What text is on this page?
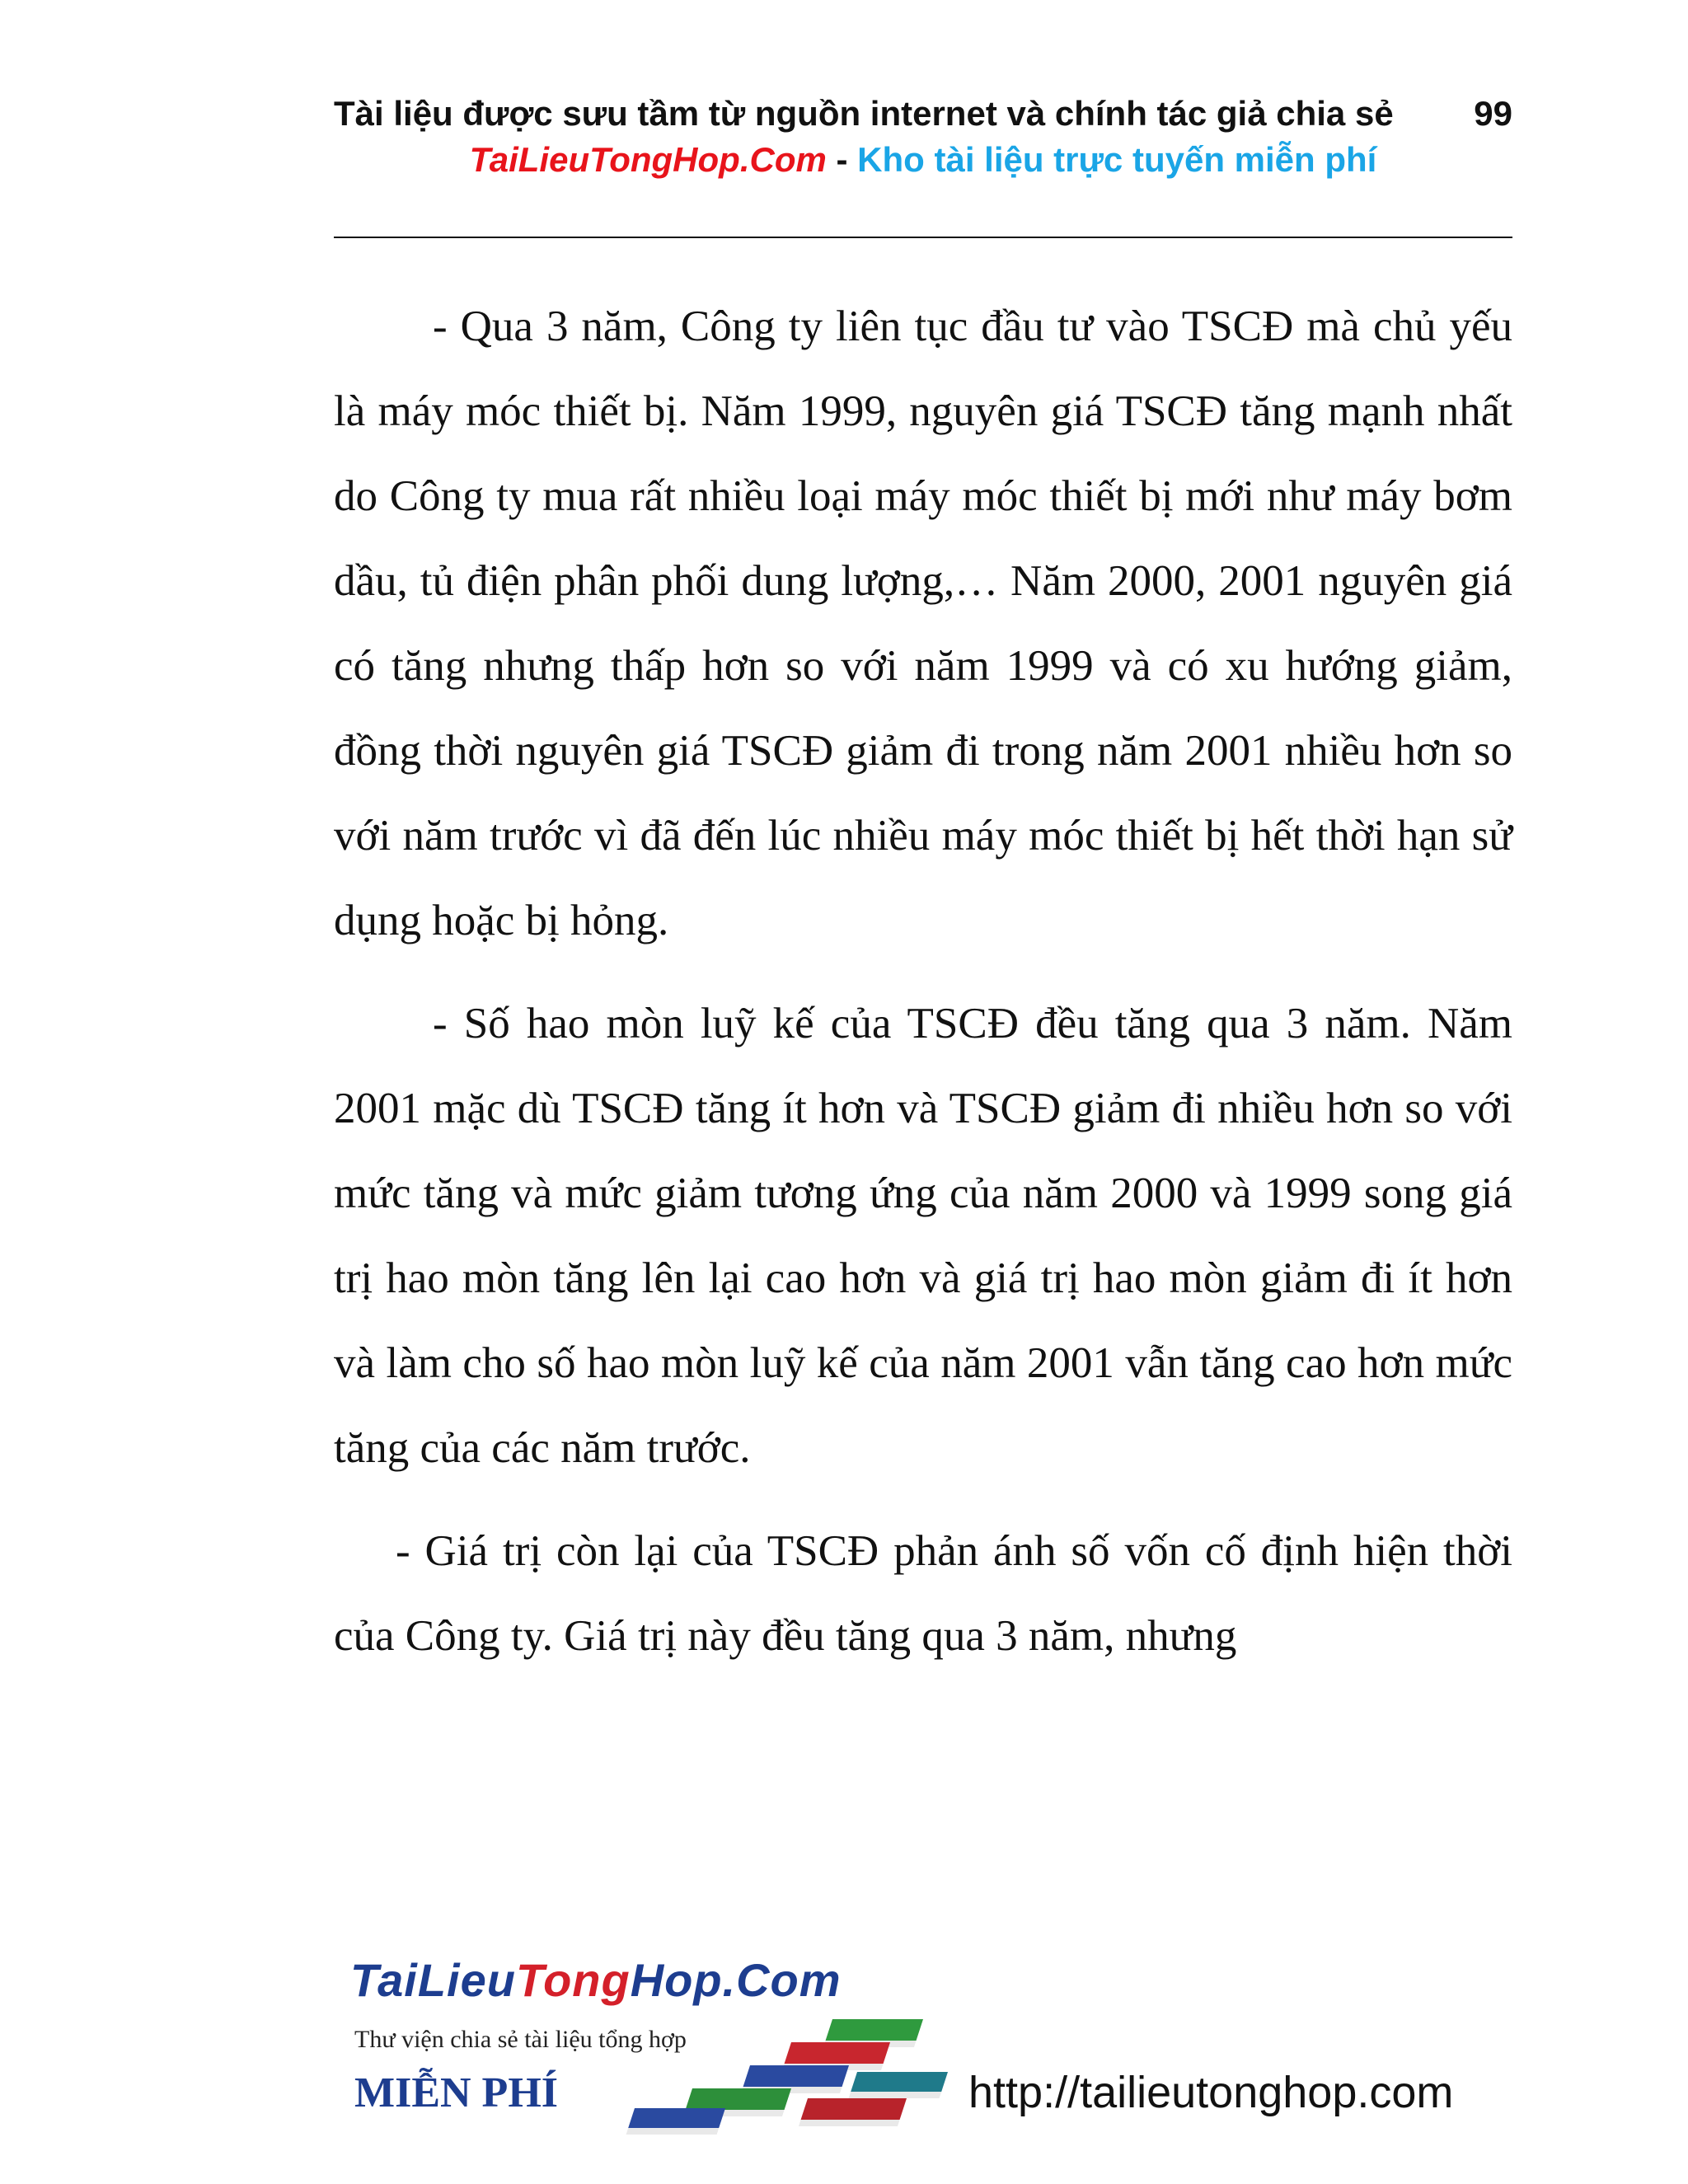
Tài liệu được sưu tầm từ nguồn internet và chính tác giả chia sẻ 99
TaiLieuTongHop.Com - Kho tài liệu trực tuyến miễn phí

- Qua 3 năm, Công ty liên tục đầu tư vào TSCĐ mà chủ yếu là máy móc thiết bị. Năm 1999, nguyên giá TSCĐ tăng mạnh nhất do Công ty mua rất nhiều loại máy móc thiết bị mới như máy bơm dầu, tủ điện phân phối dung lượng,… Năm 2000, 2001 nguyên giá có tăng nhưng thấp hơn so với năm 1999 và có xu hướng giảm, đồng thời nguyên giá TSCĐ giảm đi trong năm 2001 nhiều hơn so với năm trước vì đã đến lúc nhiều máy móc thiết bị hết thời hạn sử dụng hoặc bị hỏng.

- Số hao mòn luỹ kế của TSCĐ đều tăng qua 3 năm. Năm 2001 mặc dù TSCĐ tăng ít hơn và TSCĐ giảm đi nhiều hơn so với mức tăng và mức giảm tương ứng của năm 2000 và 1999 song giá trị hao mòn tăng lên lại cao hơn và giá trị hao mòn giảm đi ít hơn và làm cho số hao mòn luỹ kế của năm 2001 vẫn tăng cao hơn mức tăng của các năm trước.

- Giá trị còn lại của TSCĐ phản ánh số vốn cố định hiện thời của Công ty. Giá trị này đều tăng qua 3 năm, nhưng

TaiLieuTongHop.Com
Thư viện chia sẻ tài liệu tổng hợp
MIỄN PHÍ	http://tailieutonghop.com
